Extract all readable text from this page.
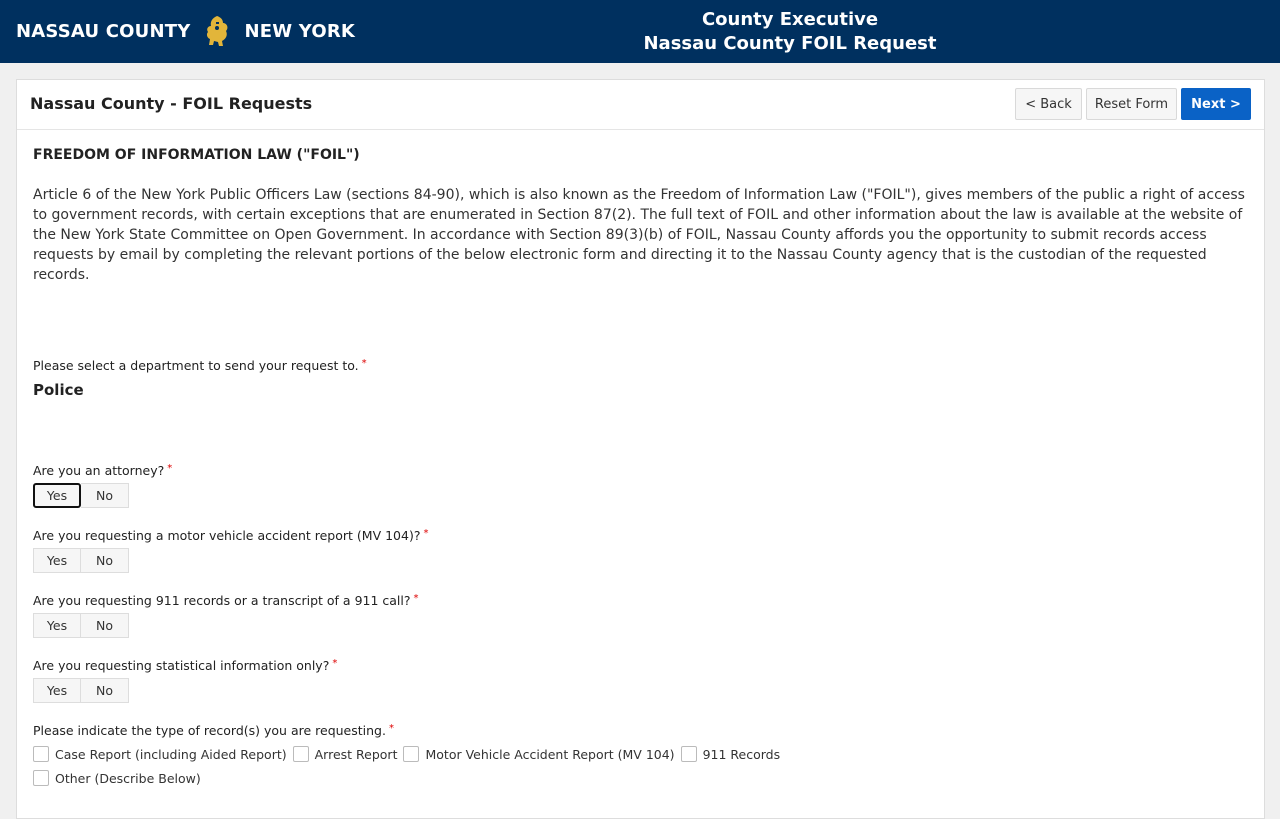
NASSAU COUNTY	NEW YORK
County Executive
Nassau County FOIL Request
Nassau County - FOIL Requests	< Back	Reset Form	Next >
FREEDOM OF INFORMATION LAW ("FOIL")
Article 6 of the New York Public Officers Law (sections 84-90), which is also known as the Freedom of Information Law ("FOIL"), gives members of the public a right of access to government records, with certain exceptions that are enumerated in Section 87(2). The full text of FOIL and other information about the law is available at the website of the New York State Committee on Open Government. In accordance with Section 89(3)(b) of FOIL, Nassau County affords you the opportunity to submit records access requests by email by completing the relevant portions of the below electronic form and directing it to the Nassau County agency that is the custodian of the requested records.
Please select a department to send your request to. *
Police
Are you an attorney? *
Yes	No
Are you requesting a motor vehicle accident report (MV 104)? *
Yes	No
Are you requesting 911 records or a transcript of a 911 call? *
Yes	No
Are you requesting statistical information only? *
Yes	No
Please indicate the type of record(s) you are requesting. *
Case Report (including Aided Report) Arrest Report Motor Vehicle Accident Report (MV 104) 911 Records
Other (Describe Below)
